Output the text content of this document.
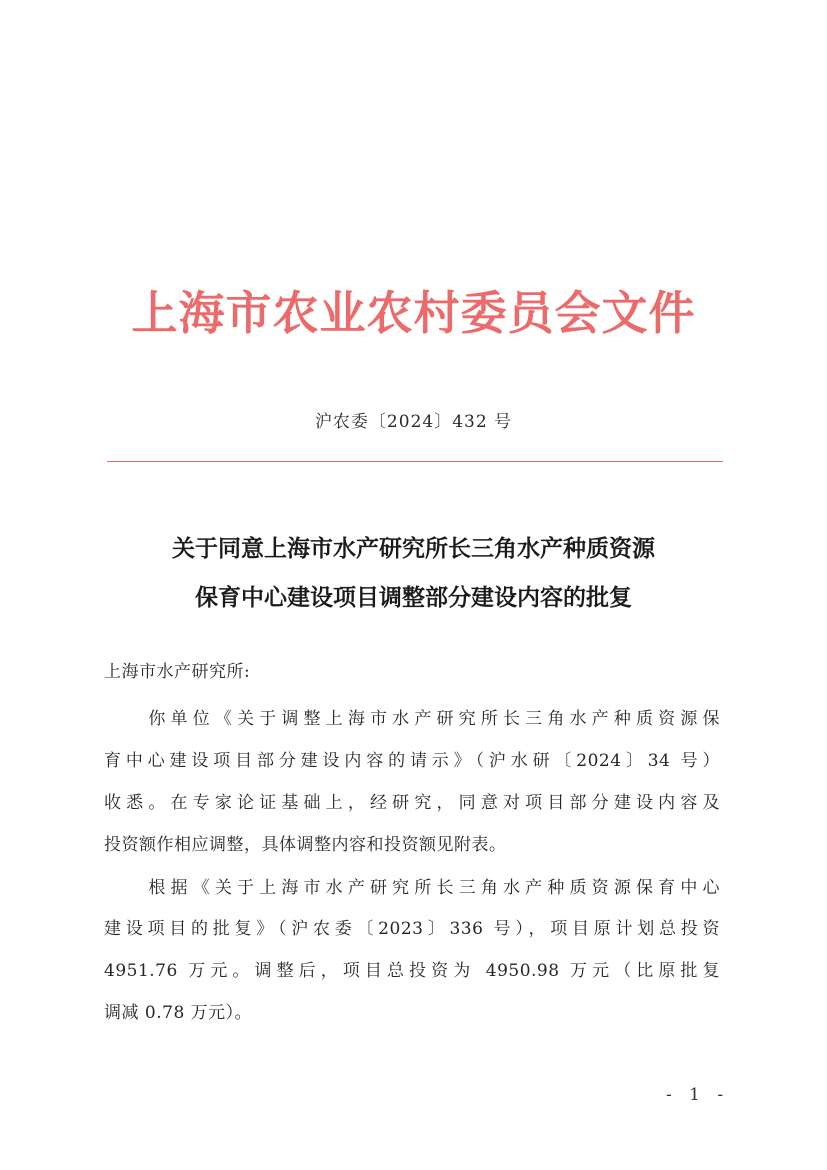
上海市农业农村委员会文件
沪农委〔2024〕432 号
关于同意上海市水产研究所长三角水产种质资源
保育中心建设项目调整部分建设内容的批复
上海市水产研究所:
　　你单位《关于调整上海市水产研究所长三角水产种质资源保
育中心建设项目部分建设内容的请示》（沪水研〔2024〕34 号）
收悉。在专家论证基础上，经研究，同意对项目部分建设内容及
投资额作相应调整，具体调整内容和投资额见附表。
　　根据《关于上海市水产研究所长三角水产种质资源保育中心
建设项目的批复》（沪农委〔2023〕336 号），项目原计划总投资
4951.76 万元。调整后，项目总投资为 4950.98 万元（比原批复
调减 0.78 万元）。
- 1 -
